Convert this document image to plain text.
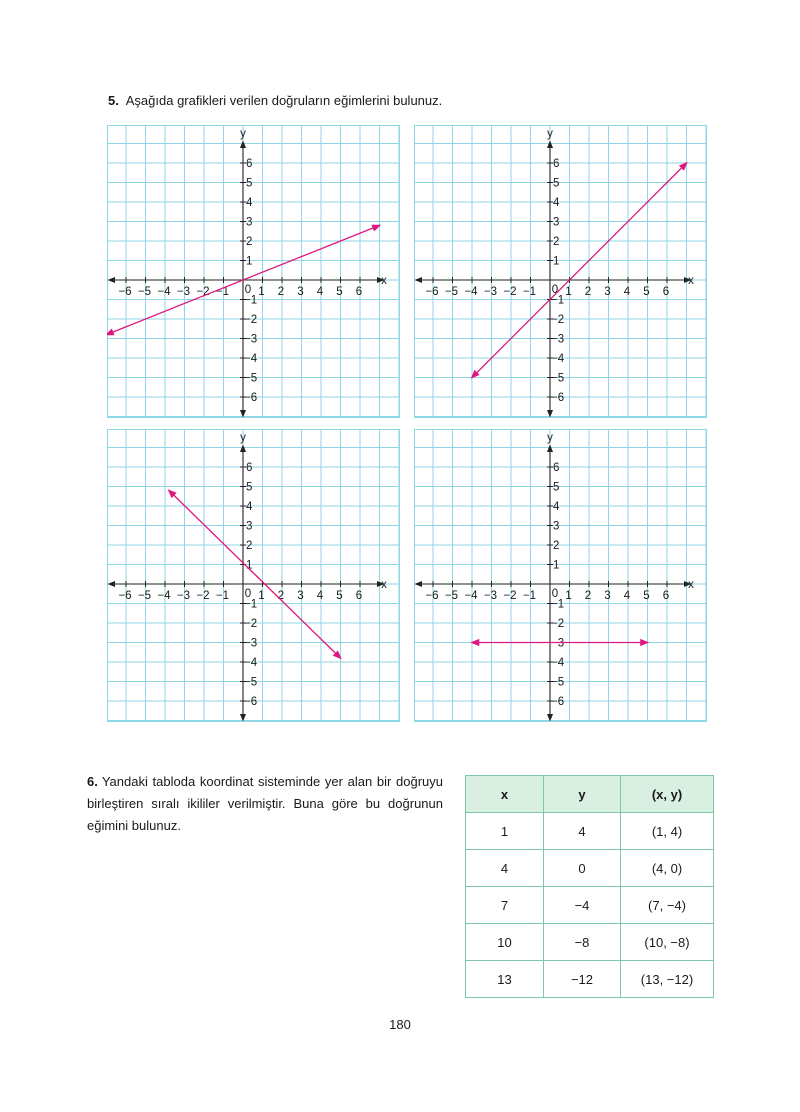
5. Aşağıda grafikleri verilen doğruların eğimlerini bulunuz.
−6 −5 −4 −3 −2 −1	1 2 3 4 5 6
1
−1
2
−2
3
−3
4
−4
5
−5
6
−6
0
y
x
−6 −5 −4 −3 −2 −1	1 2 3 4 5 6
1
−1
2
−2
3
−3
4
−4
5
−5
6
−6
0
y
x
−6 −5 −4 −3 −2 −1	1 2 3 4 5 6
1
−1
2
−2
3
−3
4
−4
5
−5
6
−6
0
y
x
−6 −5 −4 −3 −2 −1	1 2 3 4 5 6
1
−1
2
−2
3
−3
4
−4
5
−5
6
−6
0
y
x
6. Yandaki tabloda koordinat sisteminde yer alan bir doğruyu birleştiren sıralı ikililer verilmiştir. Buna göre bu doğrunun eğimini bulunuz.
x	y	(x, y)
1	4	(1, 4)
4	0	(4, 0)
7	−4	(7, −4)
10	−8	(10, −8)
13	−12	(13, −12)
180
